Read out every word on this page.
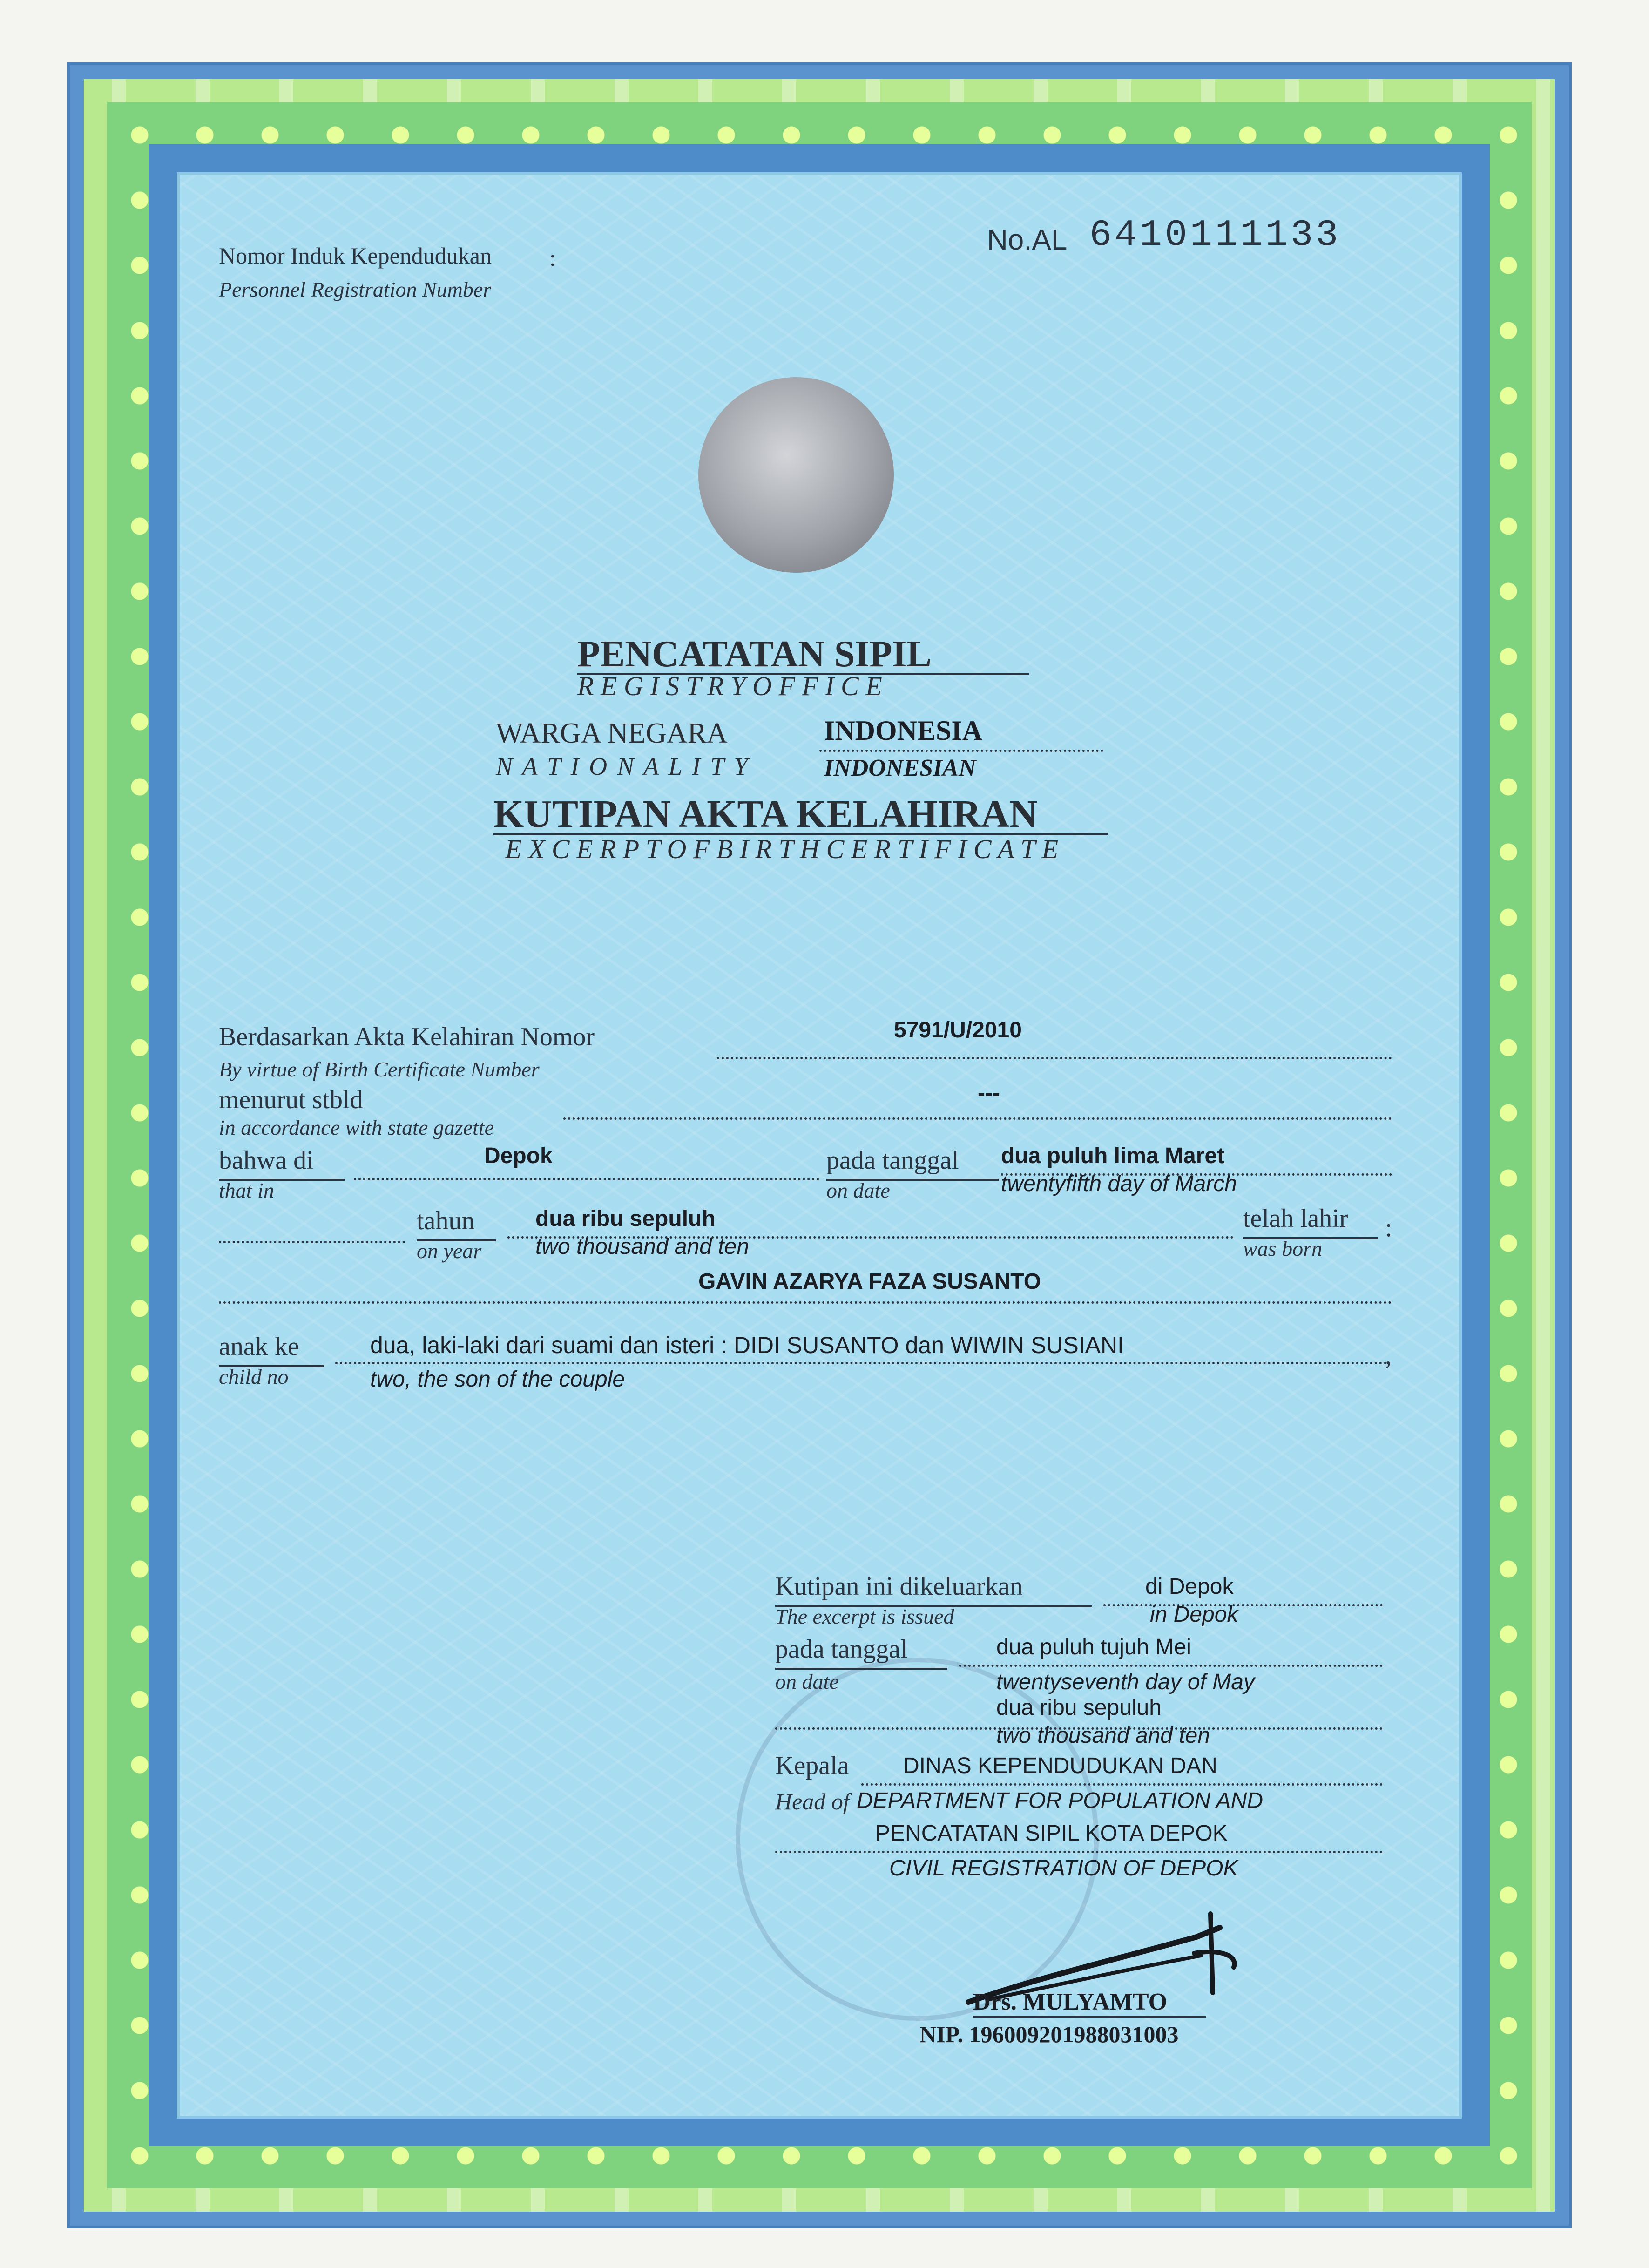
Nomor Induk Kependudukan :
Personnel Registration Number
No.AL 6410111133
PENCATATAN SIPIL
R E G I S T R Y O F F I C E
WARGA NEGARA
N A T I O N A L I T Y
INDONESIA
INDONESIAN
KUTIPAN AKTA KELAHIRAN
E X C E R P T O F B I R T H C E R T I F I C A T E
Berdasarkan Akta Kelahiran Nomor
By virtue of Birth Certificate Number
5791/U/2010
menurut stbld
in accordance with state gazette
---
bahwa di
that in
Depok	pada tanggal
on date
dua puluh lima Maret
twentyfifth day of March
tahun
on year
dua ribu sepuluh
two thousand and ten
telah lahir
was born
:
GAVIN AZARYA FAZA SUSANTO
anak ke
child no
dua, laki-laki dari suami dan isteri : DIDI SUSANTO dan WIWIN SUSIANI	,
two, the son of the couple
Kutipan ini dikeluarkan
The excerpt is issued
di Depok
in Depok
pada tanggal
on date
dua puluh tujuh Mei
twentyseventh day of May
dua ribu sepuluh
two thousand and ten
Kepala
Head of
DINAS KEPENDUDUKAN DAN
DEPARTMENT FOR POPULATION AND
PENCATATAN SIPIL KOTA DEPOK
CIVIL REGISTRATION OF DEPOK
Drs. MULYAMTO
NIP. 196009201988031003
